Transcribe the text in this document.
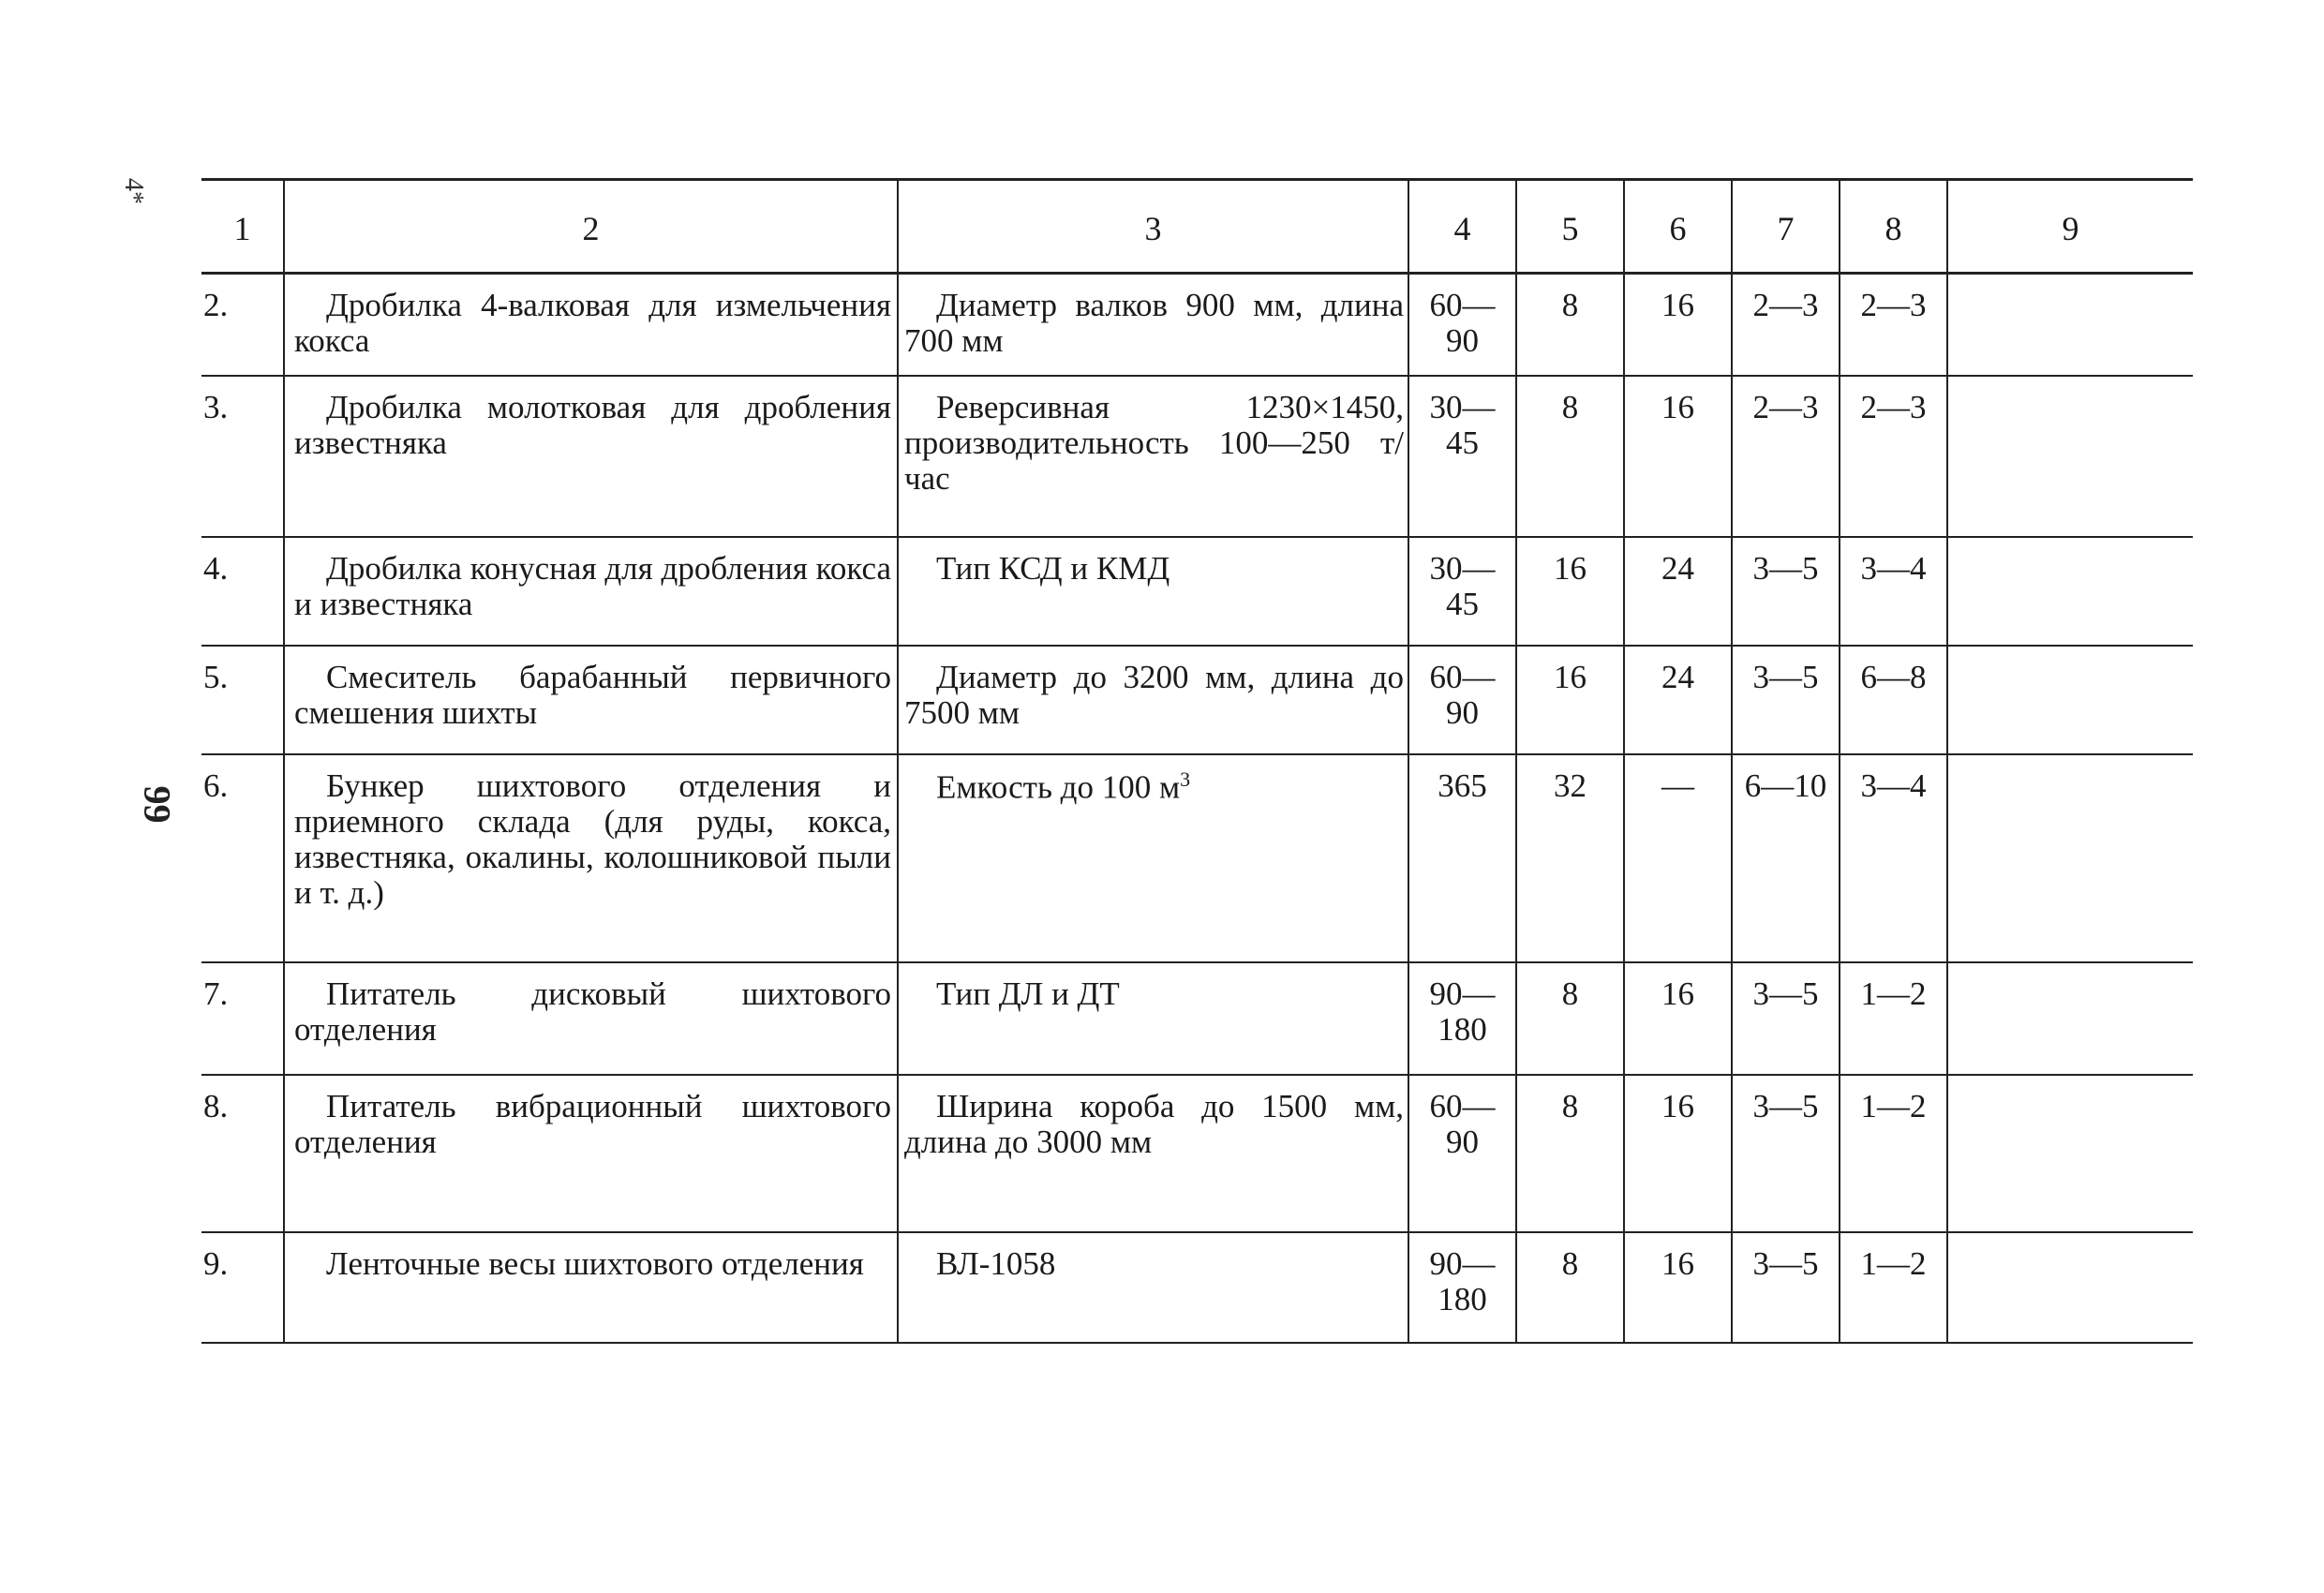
4*
99
1	2	3	4	5	6	7	8	9
2.	Дробилка 4-валковая для измельчения кокса	Диаметр валков 900 мм, длина 700 мм	60—90	8	16	2—3	2—3	
3.	Дробилка молотковая для дробления известняка	Реверсивная 1230×1450, производительность 100—250 т/час	30—45	8	16	2—3	2—3	
4.	Дробилка конусная для дробления кокса и известняка	Тип КСД и КМД	30—45	16	24	3—5	3—4	
5.	Смеситель барабанный первичного смешения шихты	Диаметр до 3200 мм, длина до 7500 мм	60—90	16	24	3—5	6—8	
6.	Бункер шихтового отделения и приемного склада (для руды, кокса, известняка, окалины, колошниковой пыли и т. д.)	Емкость до 100 $м^3$	365	32	—	6—10	3—4	
7.	Питатель дисковый шихтового отделения	Тип ДЛ и ДТ	90—180	8	16	3—5	1—2	
8.	Питатель вибрационный шихтового отделения	Ширина короба до 1500 мм, длина до 3000 мм	60—90	8	16	3—5	1—2	
9.	Ленточные весы шихтового отделения	ВЛ-1058	90—180	8	16	3—5	1—2	
